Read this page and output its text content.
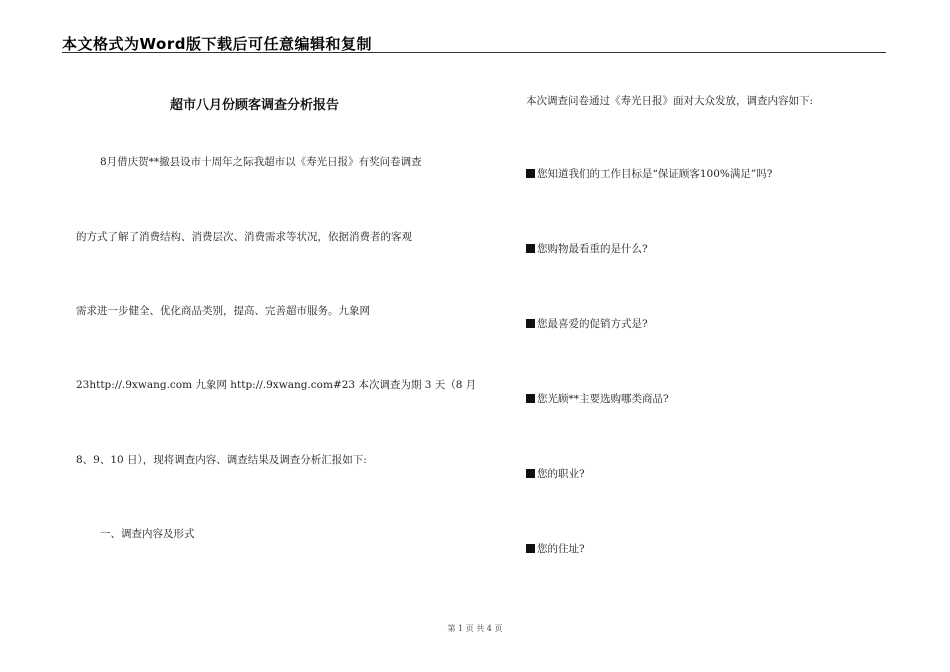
本文格式为Word版下载后可任意编辑和复制
超市八月份顾客调查分析报告
8月借庆贺**撤县设市十周年之际我超市以《寿光日报》有奖问卷调查
的方式了解了消费结构、消费层次、消费需求等状况，依据消费者的客观
需求进一步健全、优化商品类别，提高、完善超市服务。九象网
23http://.9xwang.com 九象网 http://.9xwang.com#23 本次调查为期 3 天（8 月
8、9、10 日），现将调查内容、调查结果及调查分析汇报如下:
一、调查内容及形式
本次调查问卷通过《寿光日报》面对大众发放，调查内容如下:
您知道我们的工作目标是“保证顾客100%满足”吗?
您购物最看重的是什么?
您最喜爱的促销方式是?
您光顾**主要选购哪类商品?
您的职业?
您的住址?
第 1 页 共 4 页
